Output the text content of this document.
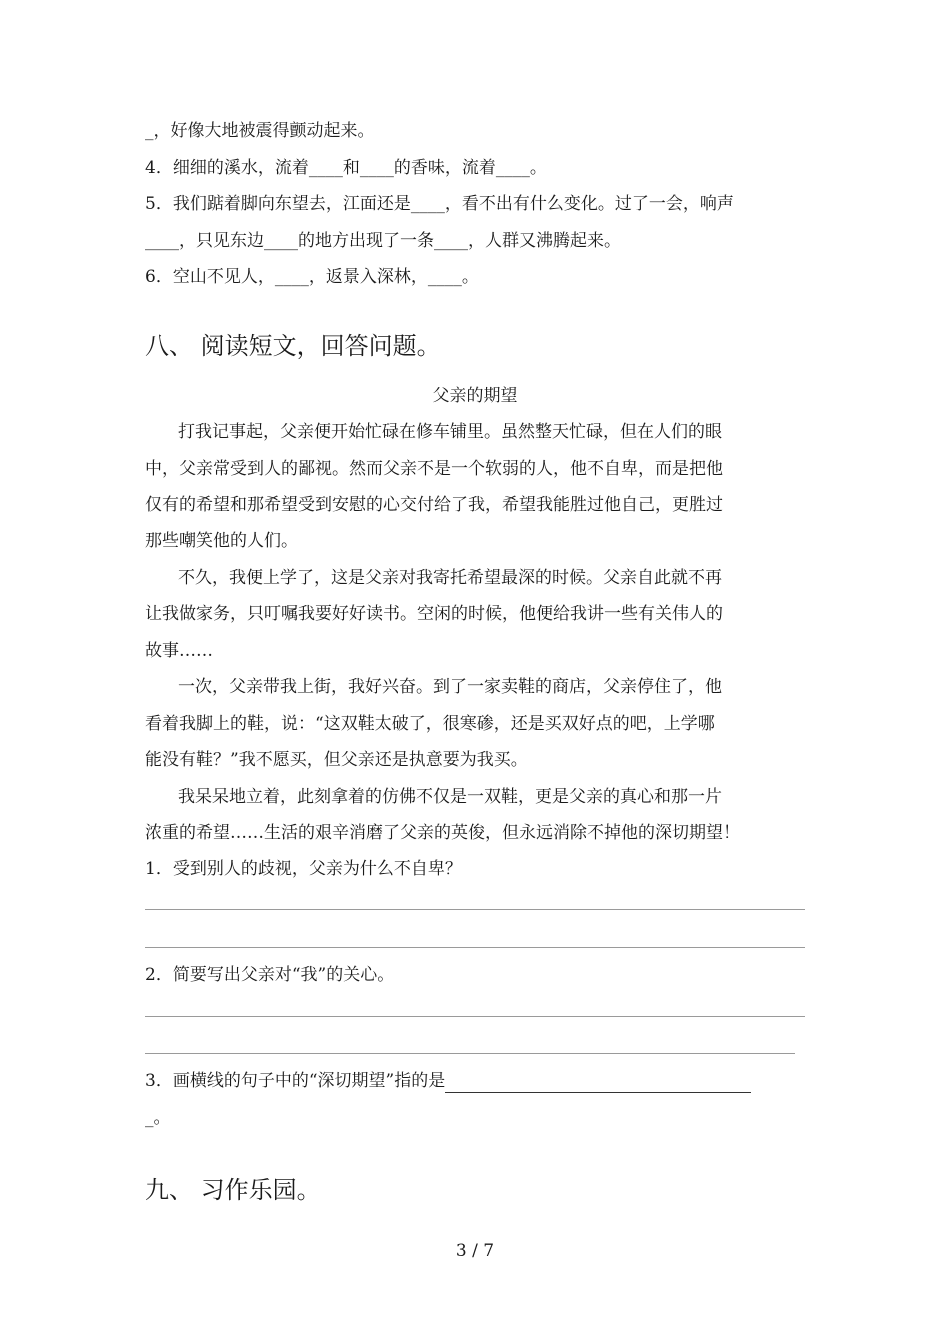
_，好像大地被震得颤动起来。
4．细细的溪水，流着____和____的香味，流着____。
5．我们踮着脚向东望去，江面还是____，看不出有什么变化。过了一会，响声
____，只见东边____的地方出现了一条____，人群又沸腾起来。
6．空山不见人，____，返景入深林，____。
八、 阅读短文，回答问题。
父亲的期望
打我记事起，父亲便开始忙碌在修车铺里。虽然整天忙碌，但在人们的眼
中，父亲常受到人的鄙视。然而父亲不是一个软弱的人，他不自卑，而是把他
仅有的希望和那希望受到安慰的心交付给了我，希望我能胜过他自己，更胜过
那些嘲笑他的人们。
不久，我便上学了，这是父亲对我寄托希望最深的时候。父亲自此就不再
让我做家务，只叮嘱我要好好读书。空闲的时候，他便给我讲一些有关伟人的
故事……
一次，父亲带我上街，我好兴奋。到了一家卖鞋的商店，父亲停住了，他
看着我脚上的鞋，说：“这双鞋太破了，很寒碜，还是买双好点的吧，上学哪
能没有鞋？”我不愿买，但父亲还是执意要为我买。
我呆呆地立着，此刻拿着的仿佛不仅是一双鞋，更是父亲的真心和那一片
浓重的希望……生活的艰辛消磨了父亲的英俊，但永远消除不掉他的深切期望！
1．受到别人的歧视，父亲为什么不自卑？
2．简要写出父亲对“我”的关心。
3．画横线的句子中的“深切期望”指的是
_。
九、 习作乐园。
3 / 7
